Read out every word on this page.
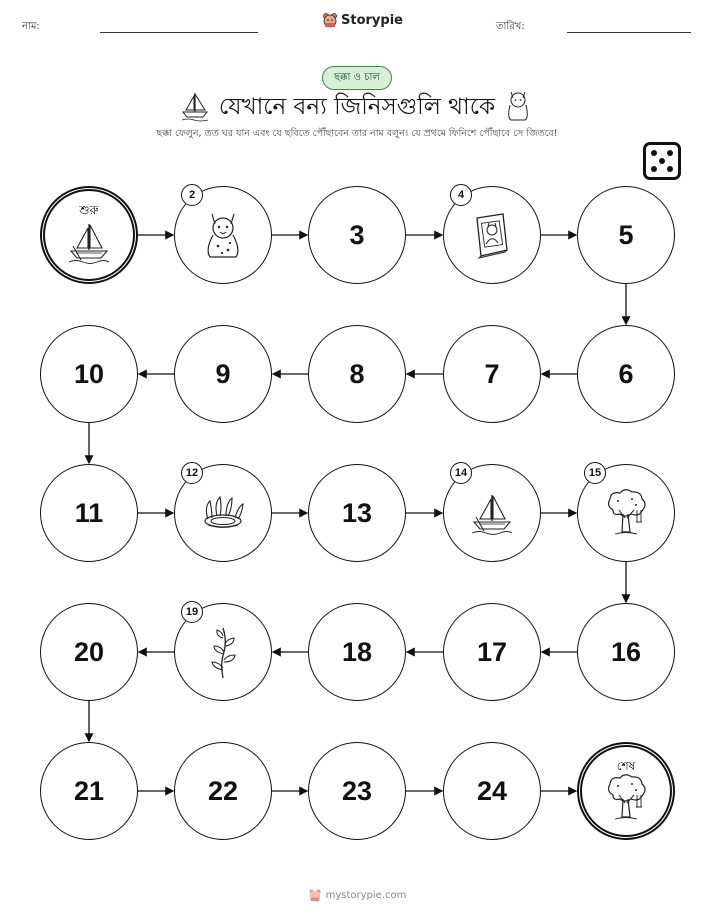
নাম:	Storypie	তারিখ:
ছক্কা ও চাল
যেখানে বন্য জিনিসগুলি থাকে
ছক্কা ফেলুন, তত ঘর যান এবং যে ছবিতে পৌঁছাবেন তার নাম বলুন। যে প্রথমে ফিনিশে পৌঁছাবে সে জিতবে!
শুরু
2
3
4
5
6
7
8
9
10
11
12
13
14	15
16
17
18
19
20
21	22	23	24
শেষ
mystorypie.com
